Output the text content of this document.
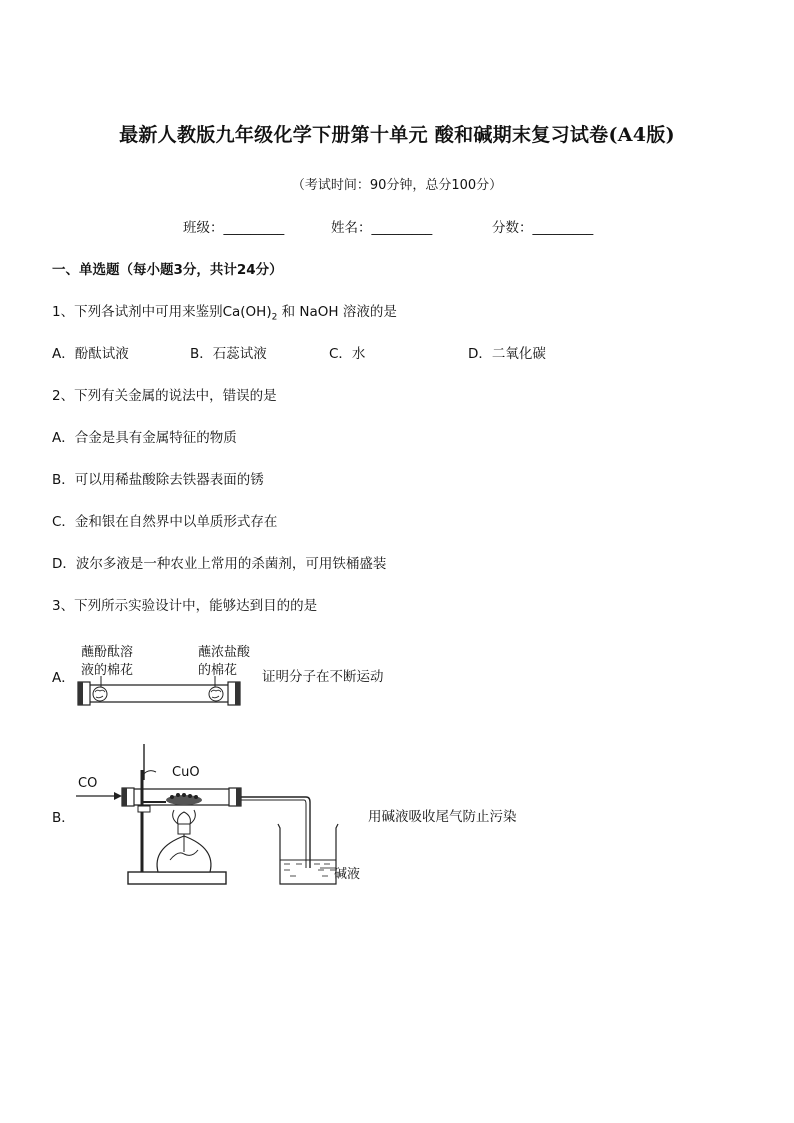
最新人教版九年级化学下册第十单元 酸和碱期末复习试卷(A4版)
（考试时间：90分钟，总分100分）
班级：_________	姓名：_________	分数：_________
一、单选题（每小题3分，共计24分）
1、下列各试剂中可用来鉴别$Ca(OH)_2$ 和 NaOH 溶液的是
A．酚酞试液	B．石蕊试液	C．水	D．二氧化碳
2、下列有关金属的说法中，错误的是
A．合金是具有金属特征的物质
B．可以用稀盐酸除去铁器表面的锈
C．金和银在自然界中以单质形式存在
D．波尔多液是一种农业上常用的杀菌剂，可用铁桶盛装
3、下列所示实验设计中，能够达到目的的是
A．
蘸酚酞溶
液的棉花
蘸浓盐酸
的棉花 证明分子在不断运动
B．
CO
CuO
碱液
用碱液吸收尾气防止污染
